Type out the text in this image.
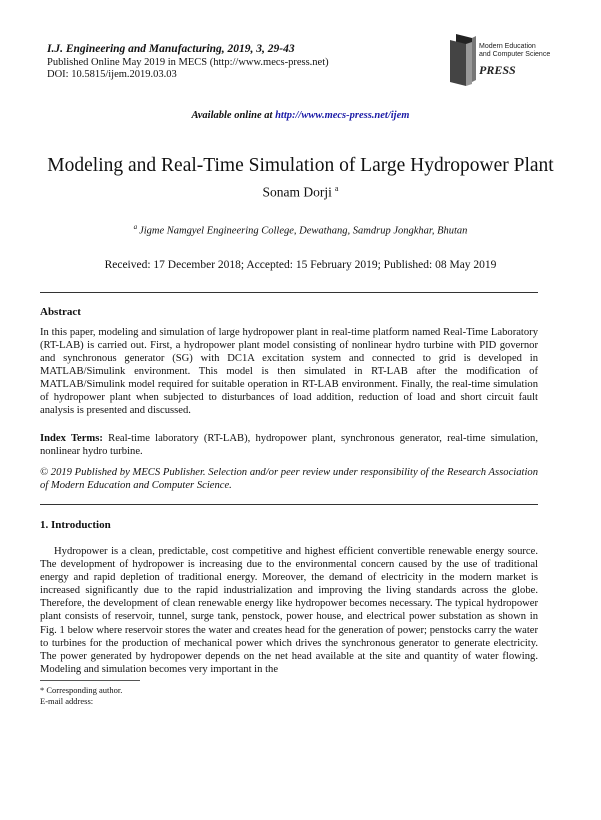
I.J. Engineering and Manufacturing, 2019, 3, 29-43
Published Online May 2019 in MECS (http://www.mecs-press.net)
DOI: 10.5815/ijem.2019.03.03
Modern Education
and Computer Science
PRESS
Available online at http://www.mecs-press.net/ijem
Modeling and Real-Time Simulation of Large Hydropower Plant
Sonam Dorji $^a$
$^a$ Jigme Namgyel Engineering College, Dewathang, Samdrup Jongkhar, Bhutan
Received: 17 December 2018; Accepted: 15 February 2019; Published: 08 May 2019
Abstract
In this paper, modeling and simulation of large hydropower plant in real-time platform named Real-Time Laboratory (RT-LAB) is carried out. First, a hydropower plant model consisting of nonlinear hydro turbine with PID governor and synchronous generator (SG) with DC1A excitation system and connected to grid is developed in MATLAB/Simulink environment. This model is then simulated in RT-LAB after the modification of MATLAB/Simulink model required for suitable operation in RT-LAB environment. Finally, the real-time simulation of hydropower plant when subjected to disturbances of load addition, reduction of load and short circuit fault analysis is presented and discussed.
Index Terms: Real-time laboratory (RT-LAB), hydropower plant, synchronous generator, real-time simulation, nonlinear hydro turbine.
© 2019 Published by MECS Publisher. Selection and/or peer review under responsibility of the Research Association of Modern Education and Computer Science.
1. Introduction
Hydropower is a clean, predictable, cost competitive and highest efficient convertible renewable energy source. The development of hydropower is increasing due to the environmental concern caused by the use of traditional energy and rapid depletion of traditional energy. Moreover, the demand of electricity in the modern market is increased significantly due to the rapid industrialization and improving the living standards across the globe. Therefore, the development of clean renewable energy like hydropower becomes necessary. The typical hydropower plant consists of reservoir, tunnel, surge tank, penstock, power house, and electrical power substation as shown in Fig. 1 below where reservoir stores the water and creates head for the generation of power; penstocks carry the water to turbines for the production of mechanical power which drives the synchronous generator to generate electricity. The power generated by hydropower depends on the net head available at the site and quantity of water flowing. Modeling and simulation becomes very important in the
* Corresponding author.
E-mail address:
